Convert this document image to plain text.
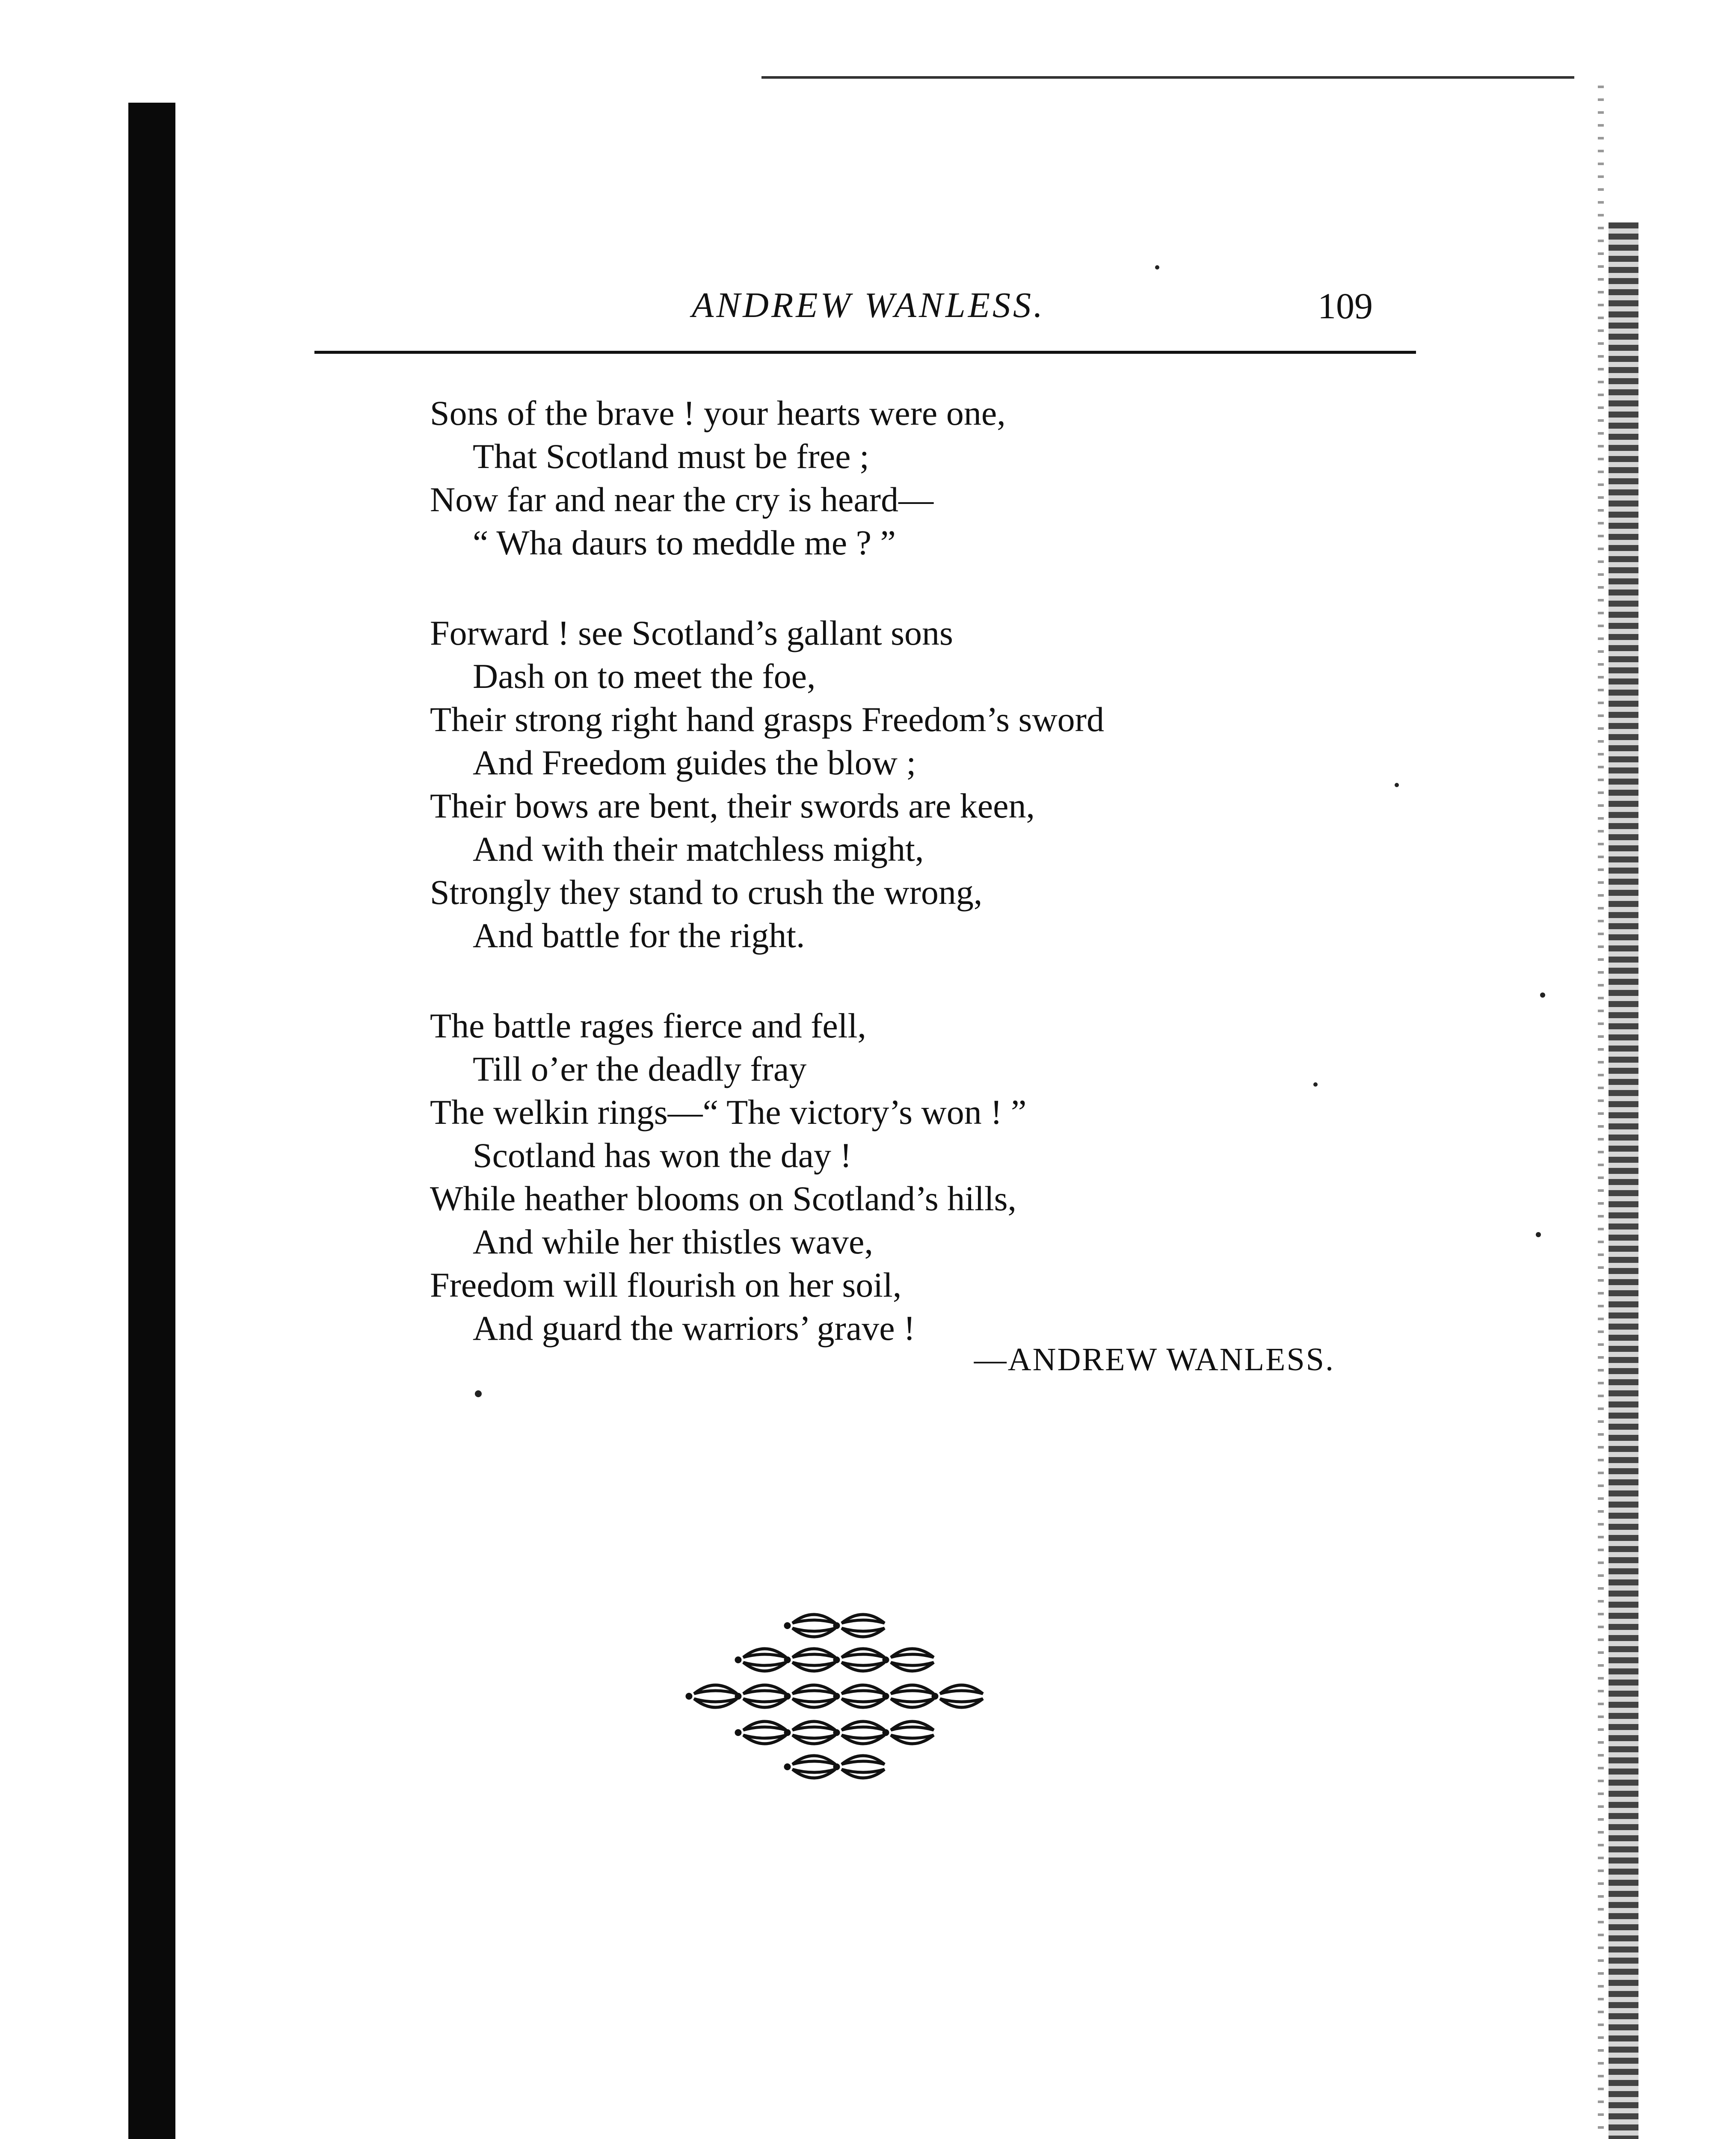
ANDREW WANLESS.	109
Sons of the brave ! your hearts were one,
That Scotland must be free ;
Now far and near the cry is heard—
“ Wha daurs to meddle me ? ”
Forward ! see Scotland’s gallant sons
Dash on to meet the foe,
Their strong right hand grasps Freedom’s sword
And Freedom guides the blow ;
Their bows are bent, their swords are keen,
And with their matchless might,
Strongly they stand to crush the wrong,
And battle for the right.
The battle rages fierce and fell,
Till o’er the deadly fray
The welkin rings—“ The victory’s won ! ”
Scotland has won the day !
While heather blooms on Scotland’s hills,
And while her thistles wave,
Freedom will flourish on her soil,
And guard the warriors’ grave !
—ANDREW WANLESS.
